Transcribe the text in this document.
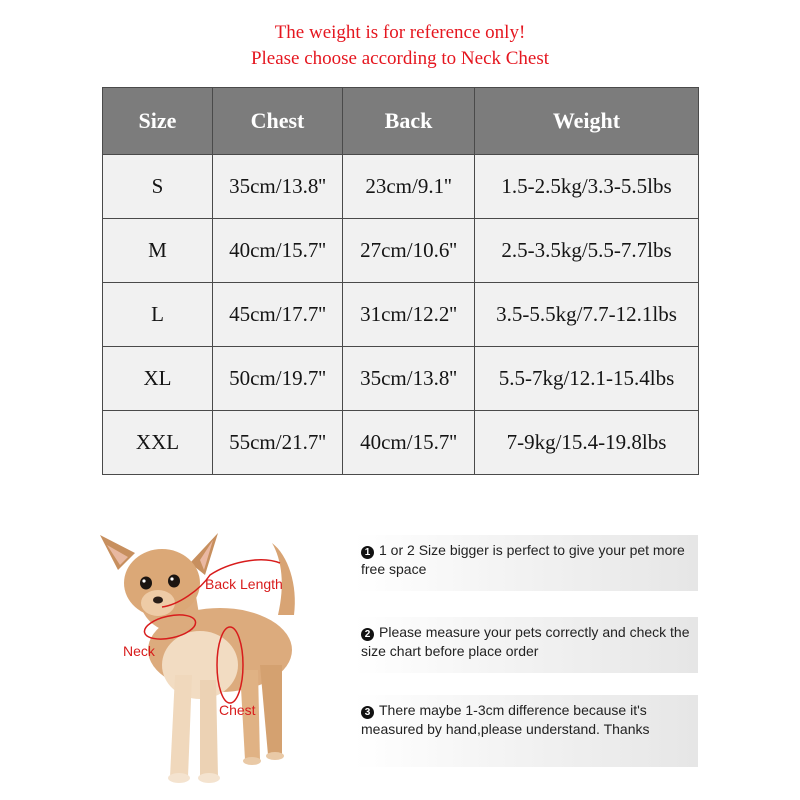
The weight is for reference only!
Please choose according to Neck Chest
Size	Chest	Back	Weight
S	35cm/13.8''	23cm/9.1''	1.5-2.5kg/3.3-5.5lbs
M	40cm/15.7''	27cm/10.6''	2.5-3.5kg/5.5-7.7lbs
L	45cm/17.7''	31cm/12.2''	3.5-5.5kg/7.7-12.1lbs
XL	50cm/19.7''	35cm/13.8''	5.5-7kg/12.1-15.4lbs
XXL	55cm/21.7''	40cm/15.7''	7-9kg/15.4-19.8lbs
Back Length
Neck
Chest
1 1 or 2 Size bigger is perfect to give your pet more free space
2 Please measure your pets correctly and check the size chart before place order
3 There maybe 1-3cm difference because it's measured by hand,please understand. Thanks
